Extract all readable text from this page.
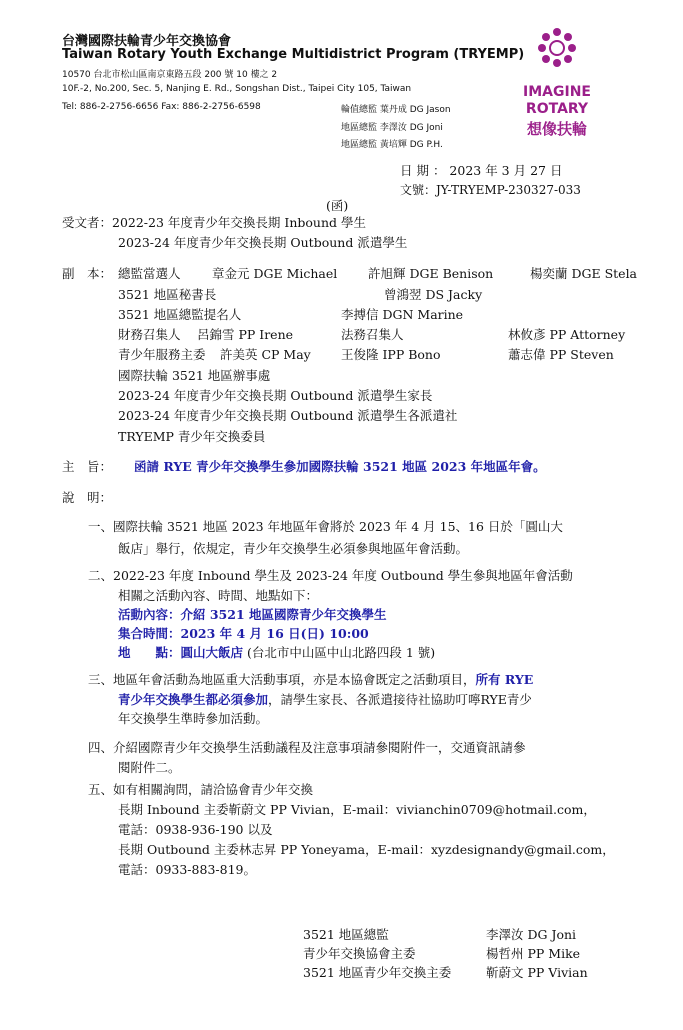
台灣國際扶輪青少年交換協會
Taiwan Rotary Youth Exchange Multidistrict Program (TRYEMP)
10570 台北市松山區南京東路五段 200 號 10 樓之 2
10F.-2, No.200, Sec. 5, Nanjing E. Rd., Songshan Dist., Taipei City 105, Taiwan
Tel: 886-2-2756-6656 Fax: 886-2-2756-6598	輪值總監 葉丹成 DG Jason
地區總監 李澤汝 DG Joni
地區總監 黃培輝 DG P.H.
IMAGINE
ROTARY
想像扶輪
日 期 ： 2023 年 3 月 27 日
文號：JY-TRYEMP-230327-033
(函)
受文者：2022-23 年度青少年交換長期 Inbound 學生
2023-24 年度青少年交換長期 Outbound 派遣學生
副　本： 總監當選人	章金元 DGE Michael 許旭輝 DGE Benison	楊奕蘭 DGE Stela
3521 地區秘書長	曾鴻翌 DS Jacky
3521 地區總監提名人	李搏信 DGN Marine
財務召集人 呂錦雪 PP Irene	法務召集人	林攸彥 PP Attorney
青少年服務主委 許美英 CP May 王俊隆 IPP Bono	蕭志偉 PP Steven
國際扶輪 3521 地區辦事處
2023-24 年度青少年交換長期 Outbound 派遣學生家長
2023-24 年度青少年交換長期 Outbound 派遣學生各派遣社
TRYEMP 青少年交換委員
主　旨： 函請 RYE 青少年交換學生參加國際扶輪 3521 地區 2023 年地區年會。
說　明：
一、國際扶輪 3521 地區 2023 年地區年會將於 2023 年 4 月 15、16 日於「圓山大
飯店」舉行，依規定，青少年交換學生必須參與地區年會活動。
二、2022-23 年度 Inbound 學生及 2023-24 年度 Outbound 學生參與地區年會活動
相關之活動內容、時間、地點如下：
活動內容：介紹 3521 地區國際青少年交換學生
集合時間：2023 年 4 月 16 日(日) 10:00
地　　點：圓山大飯店 (台北市中山區中山北路四段 1 號)
三、地區年會活動為地區重大活動事項，亦是本協會既定之活動項目，所有 RYE
青少年交換學生都必須參加，請學生家長、各派遣接待社協助叮嚀RYE青少
年交換學生準時參加活動。
四、介紹國際青少年交換學生活動議程及注意事項請參閱附件一，交通資訊請參
閱附件二。
五、如有相關詢問，請洽協會青少年交換
長期 Inbound 主委靳蔚文 PP Vivian，E-mail：vivianchin0709@hotmail.com，
電話：0938-936-190 以及
長期 Outbound 主委林志昇 PP Yoneyama，E-mail：xyzdesignandy@gmail.com，
電話：0933-883-819。
3521 地區總監	李澤汝 DG Joni
青少年交換協會主委	楊哲州 PP Mike
3521 地區青少年交換主委	靳蔚文 PP Vivian
